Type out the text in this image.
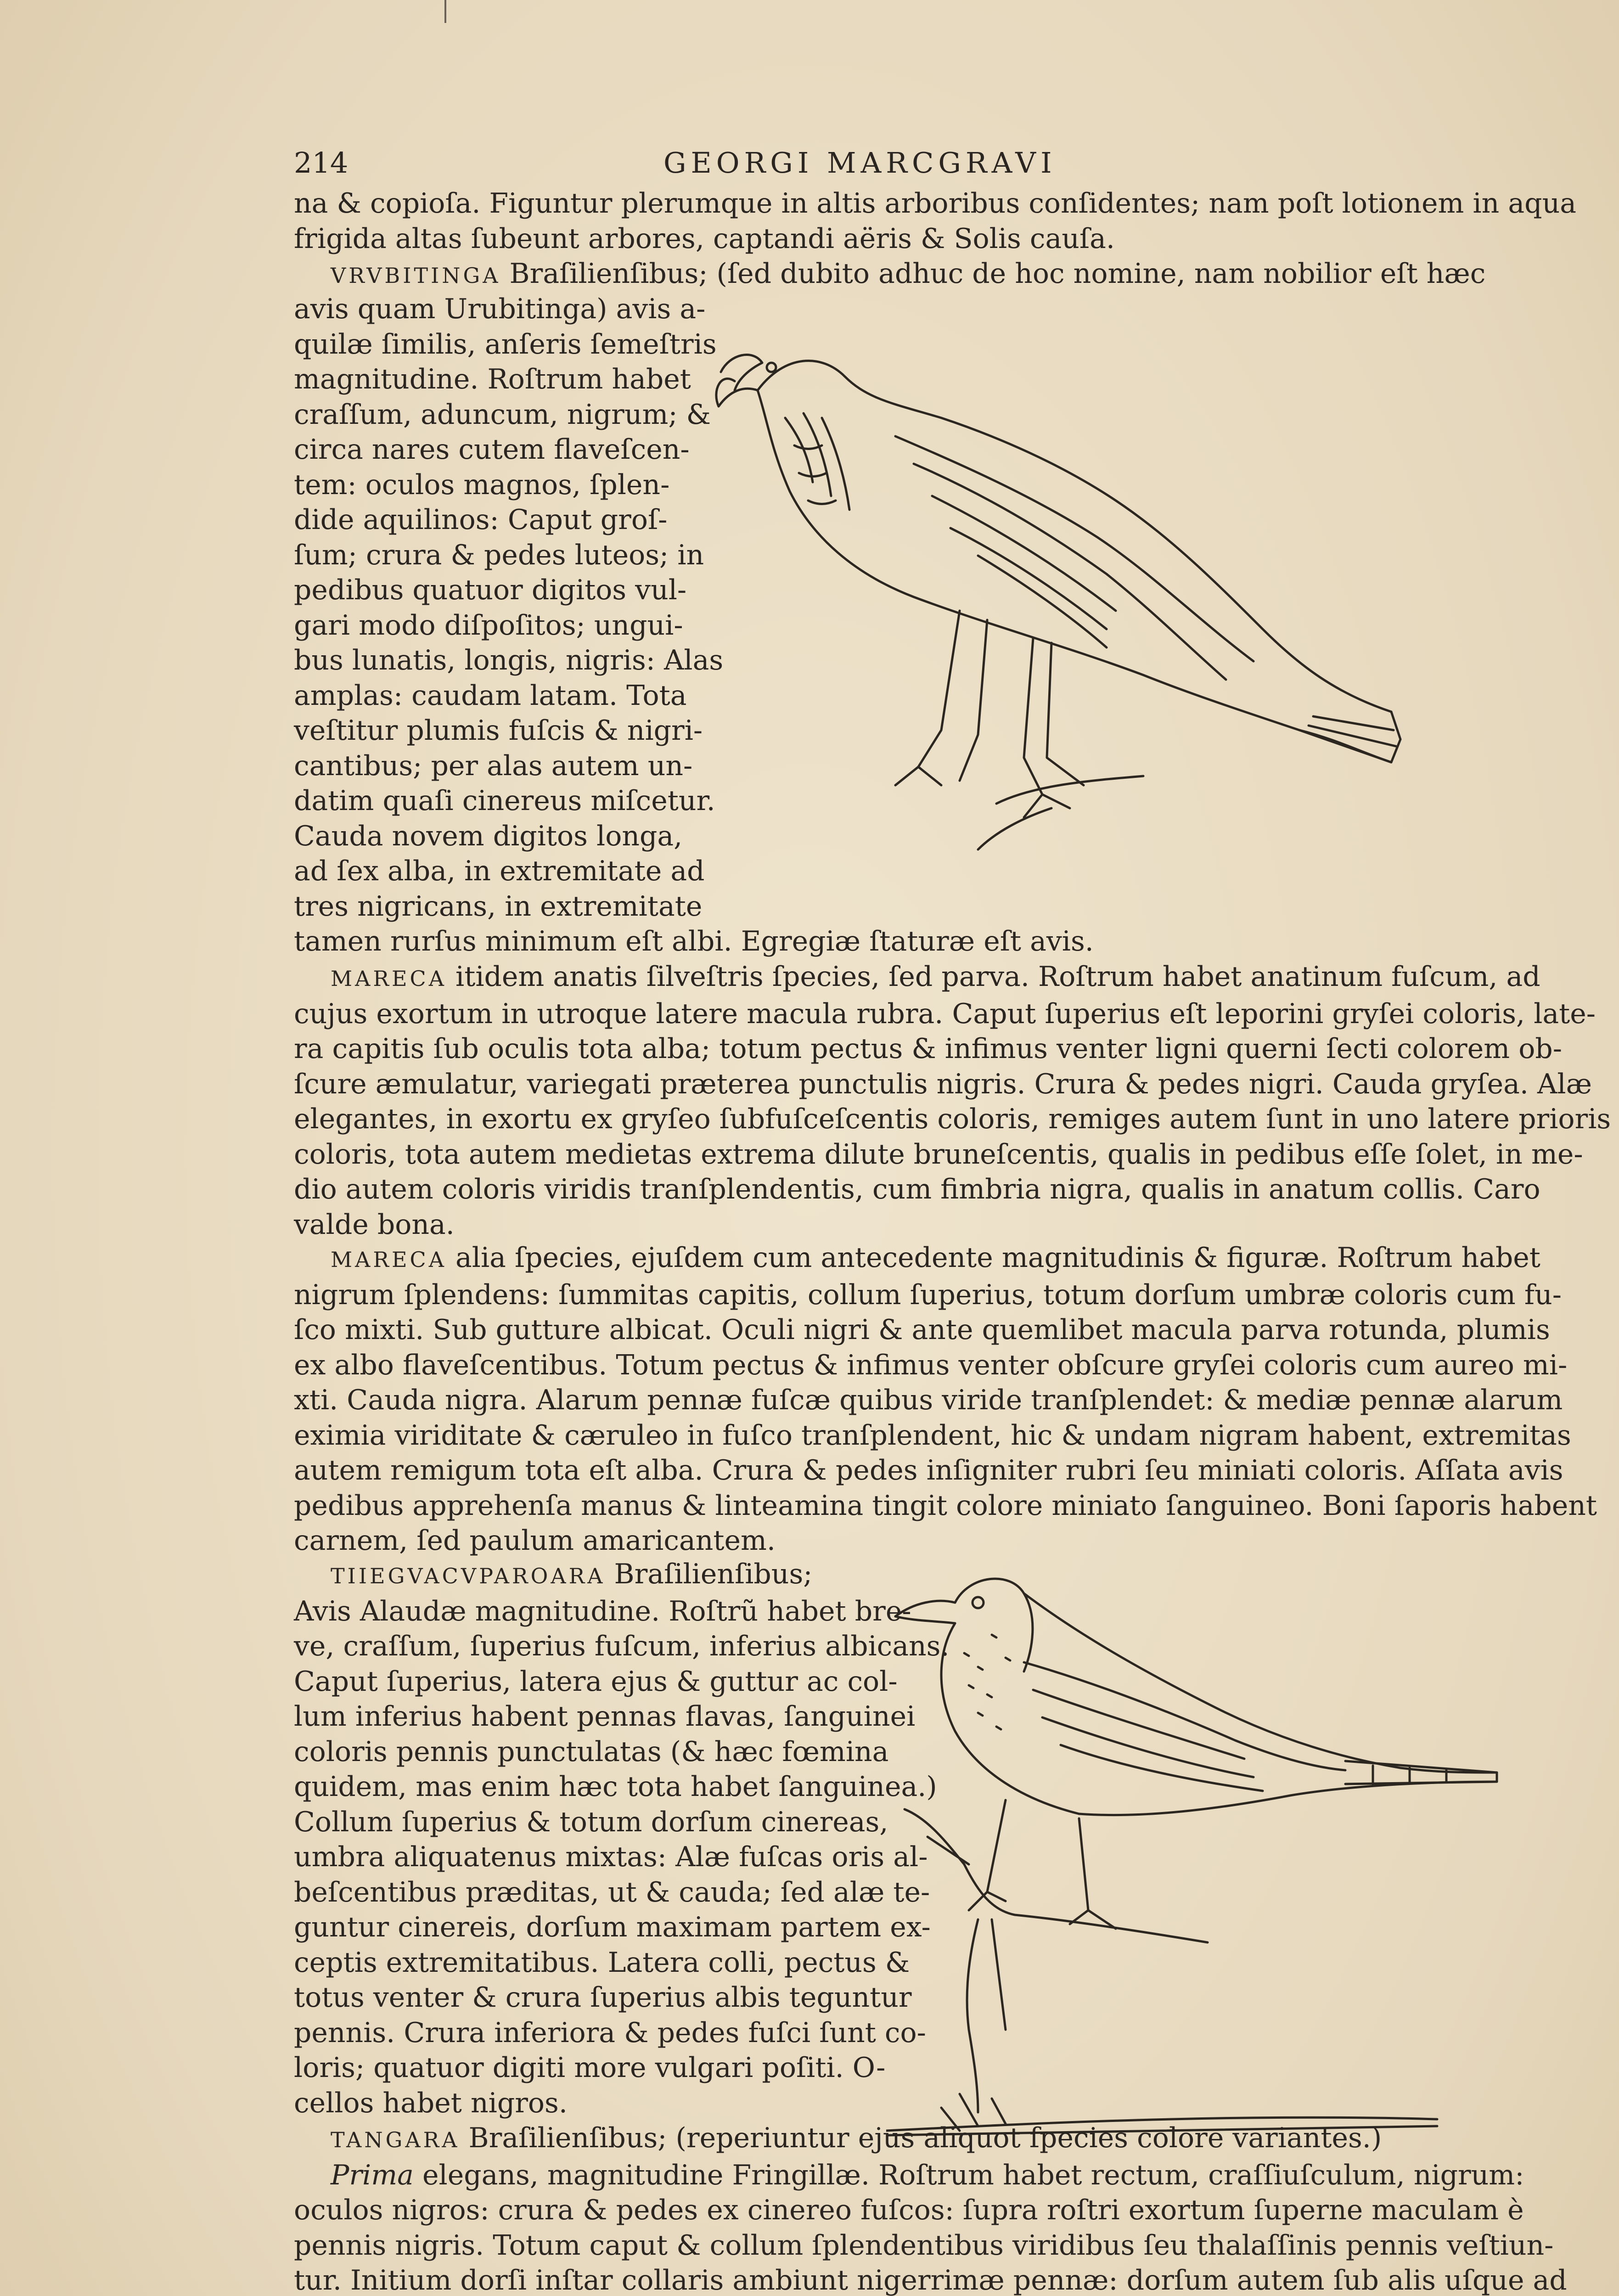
214	GEORGI MARCGRAVI
na & copioſa. Figuntur plerumque in altis arboribus conſidentes; nam poſt lotionem in aqua
frigida altas ſubeunt arbores, captandi aëris & Solis cauſa.
VRVBITINGA Braſilienſibus; (ſed dubito adhuc de hoc nomine, nam nobilior eſt hæc
avis quam Urubitinga) avis a-
quilæ ſimilis, anſeris ſemeſtris
magnitudine. Roſtrum habet
craſſum, aduncum, nigrum; &
circa nares cutem flaveſcen-
tem: oculos magnos, ſplen-
dide aquilinos: Caput groſ-
ſum; crura & pedes luteos; in
pedibus quatuor digitos vul-
gari modo diſpoſitos; ungui-
bus lunatis, longis, nigris: Alas
amplas: caudam latam. Tota
veſtitur plumis fuſcis & nigri-
cantibus; per alas autem un-
datim quaſi cinereus miſcetur.
Cauda novem digitos longa,
ad ſex alba, in extremitate ad
tres nigricans, in extremitate
tamen rurſus minimum eſt albi. Egregiæ ſtaturæ eſt avis.
MARECA itidem anatis ſilveſtris ſpecies, ſed parva. Roſtrum habet anatinum fuſcum, ad
cujus exortum in utroque latere macula rubra. Caput ſuperius eſt leporini gryſei coloris, late-
ra capitis ſub oculis tota alba; totum pectus & infimus venter ligni querni ſecti colorem ob-
ſcure æmulatur, variegati præterea punctulis nigris. Crura & pedes nigri. Cauda gryſea. Alæ
elegantes, in exortu ex gryſeo ſubfuſceſcentis coloris, remiges autem ſunt in uno latere prioris
coloris, tota autem medietas extrema dilute bruneſcentis, qualis in pedibus eſſe ſolet, in me-
dio autem coloris viridis tranſplendentis, cum fimbria nigra, qualis in anatum collis. Caro
valde bona.
MARECA alia ſpecies, ejuſdem cum antecedente magnitudinis & figuræ. Roſtrum habet
nigrum ſplendens: ſummitas capitis, collum ſuperius, totum dorſum umbræ coloris cum fu-
ſco mixti. Sub gutture albicat. Oculi nigri & ante quemlibet macula parva rotunda, plumis
ex albo flaveſcentibus. Totum pectus & infimus venter obſcure gryſei coloris cum aureo mi-
xti. Cauda nigra. Alarum pennæ fuſcæ quibus viride tranſplendet: & mediæ pennæ alarum
eximia viriditate & cæruleo in fuſco tranſplendent, hic & undam nigram habent, extremitas
autem remigum tota eſt alba. Crura & pedes inſigniter rubri ſeu miniati coloris. Aſſata avis
pedibus apprehenſa manus & linteamina tingit colore miniato ſanguineo. Boni ſaporis habent
carnem, ſed paulum amaricantem.
TIIEGVACVPAROARA Braſilienſibus;
Avis Alaudæ magnitudine. Roſtrũ habet bre-
ve, craſſum, ſuperius fuſcum, inferius albicans.
Caput ſuperius, latera ejus & guttur ac col-
lum inferius habent pennas flavas, ſanguinei
coloris pennis punctulatas (& hæc fœmina
quidem, mas enim hæc tota habet ſanguinea.)
Collum ſuperius & totum dorſum cinereas,
umbra aliquatenus mixtas: Alæ fuſcas oris al-
beſcentibus præditas, ut & cauda; ſed alæ te-
guntur cinereis, dorſum maximam partem ex-
ceptis extremitatibus. Latera colli, pectus &
totus venter & crura ſuperius albis teguntur
pennis. Crura inferiora & pedes fuſci ſunt co-
loris; quatuor digiti more vulgari poſiti. O-
cellos habet nigros.
TANGARA Braſilienſibus; (reperiuntur ejus aliquot ſpecies colore variantes.)
Prima elegans, magnitudine Fringillæ. Roſtrum habet rectum, craſſiuſculum, nigrum:
oculos nigros: crura & pedes ex cinereo fuſcos: ſupra roſtri exortum ſuperne maculam è
pennis nigris. Totum caput & collum ſplendentibus viridibus ſeu thalaſſinis pennis veſtiun-
tur. Initium dorſi inſtar collaris ambiunt nigerrimæ pennæ: dorſum autem ſub alis uſque ad
